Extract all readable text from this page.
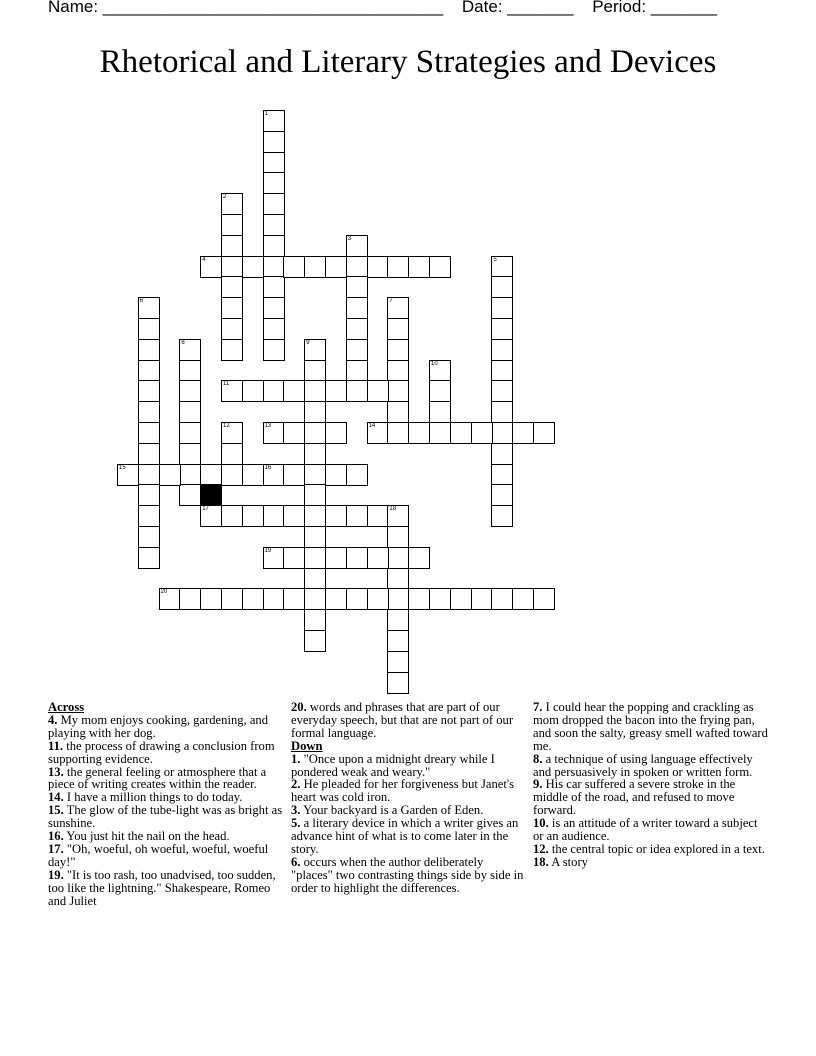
Name: ____________________________________ Date: _______ Period: _______
Rhetorical and Literary Strategies and Devices
1
2
3
4	5
6	7
8	9
10
11
12	13	14
15	16
17	18
19
20
Across
4. My mom enjoys cooking, gardening, and playing with her dog.
11. the process of drawing a conclusion from supporting evidence.
13. the general feeling or atmosphere that a piece of writing creates within the reader.
14. I have a million things to do today.
15. The glow of the tube-light was as bright as sunshine.
16. You just hit the nail on the head.
17. "Oh, woeful, oh woeful, woeful, woeful day!"
19. "It is too rash, too unadvised, too sudden, too like the lightning." Shakespeare, Romeo and Juliet
20. words and phrases that are part of our everyday speech, but that are not part of our formal language.
Down
1. "Once upon a midnight dreary while I pondered weak and weary."
2. He pleaded for her forgiveness but Janet's heart was cold iron.
3. Your backyard is a Garden of Eden.
5. a literary device in which a writer gives an advance hint of what is to come later in the story.
6. occurs when the author deliberately "places" two contrasting things side by side in order to highlight the differences.
7. I could hear the popping and crackling as mom dropped the bacon into the frying pan, and soon the salty, greasy smell wafted toward me.
8. a technique of using language effectively and persuasively in spoken or written form.
9. His car suffered a severe stroke in the middle of the road, and refused to move forward.
10. is an attitude of a writer toward a subject or an audience.
12. the central topic or idea explored in a text.
18. A story
